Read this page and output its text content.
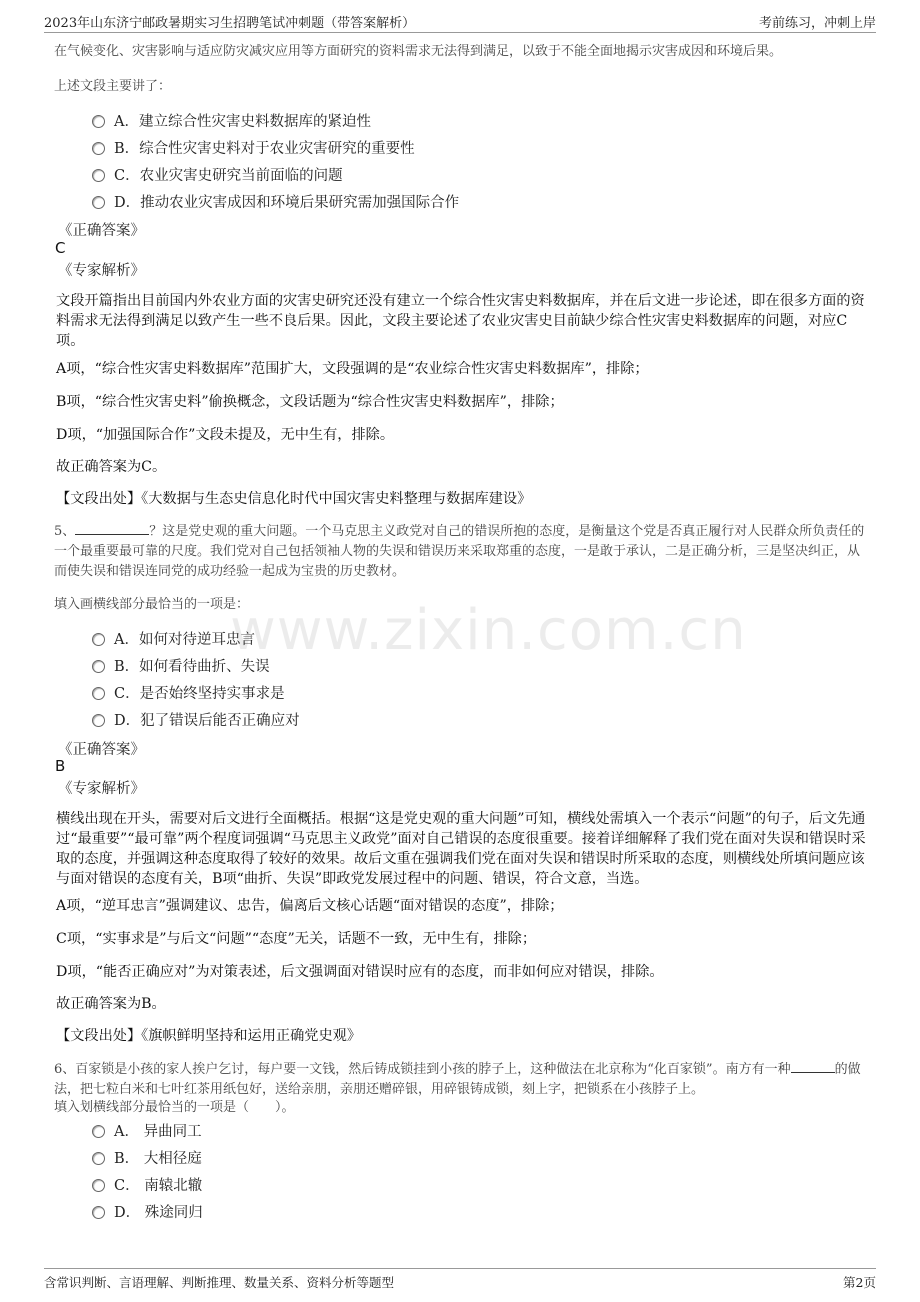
2023年山东济宁邮政暑期实习生招聘笔试冲刺题（带答案解析）	考前练习，冲刺上岸
www.zixin.com.cn
在气候变化、灾害影响与适应防灾减灾应用等方面研究的资料需求无法得到满足，以致于不能全面地揭示灾害成因和环境后果。
上述文段主要讲了：
A．建立综合性灾害史料数据库的紧迫性
B．综合性灾害史料对于农业灾害研究的重要性
C．农业灾害史研究当前面临的问题
D．推动农业灾害成因和环境后果研究需加强国际合作
《正确答案》
C
《专家解析》
文段开篇指出目前国内外农业方面的灾害史研究还没有建立一个综合性灾害史料数据库，并在后文进一步论述，即在很多方面的资料需求无法得到满足以致产生一些不良后果。因此，文段主要论述了农业灾害史目前缺少综合性灾害史料数据库的问题，对应C项。
A项，“综合性灾害史料数据库”范围扩大，文段强调的是“农业综合性灾害史料数据库”，排除；
B项，“综合性灾害史料”偷换概念，文段话题为“综合性灾害史料数据库”，排除；
D项，“加强国际合作”文段未提及，无中生有，排除。
故正确答案为C。
【文段出处】《大数据与生态史信息化时代中国灾害史料整理与数据库建设》
5、	？这是党史观的重大问题。一个马克思主义政党对自己的错误所抱的态度，是衡量这个党是否真正履行对人民群众所负责任的一个最重要最可靠的尺度。我们党对自己包括领袖人物的失误和错误历来采取郑重的态度，一是敢于承认，二是正确分析，三是坚决纠正，从而使失误和错误连同党的成功经验一起成为宝贵的历史教材。
填入画横线部分最恰当的一项是：
A．如何对待逆耳忠言
B．如何看待曲折、失误
C．是否始终坚持实事求是
D．犯了错误后能否正确应对
《正确答案》
B
《专家解析》
横线出现在开头，需要对后文进行全面概括。根据“这是党史观的重大问题”可知，横线处需填入一个表示“问题”的句子，后文先通过“最重要”“最可靠”两个程度词强调“马克思主义政党”面对自己错误的态度很重要。接着详细解释了我们党在面对失误和错误时采取的态度，并强调这种态度取得了较好的效果。故后文重在强调我们党在面对失误和错误时所采取的态度，则横线处所填问题应该与面对错误的态度有关，B项“曲折、失误”即政党发展过程中的问题、错误，符合文意，当选。
A项，“逆耳忠言”强调建议、忠告，偏离后文核心话题“面对错误的态度”，排除；
C项，“实事求是”与后文“问题”“态度”无关，话题不一致，无中生有，排除；
D项，“能否正确应对”为对策表述，后文强调面对错误时应有的态度，而非如何应对错误，排除。
故正确答案为B。
【文段出处】《旗帜鲜明坚持和运用正确党史观》
6、百家锁是小孩的家人挨户乞讨，每户要一文钱，然后铸成锁挂到小孩的脖子上，这种做法在北京称为“化百家锁”。南方有一种	的做法，把七粒白米和七叶红茶用纸包好，送给亲朋，亲朋还赠碎银，用碎银铸成锁，刻上字，把锁系在小孩脖子上。
填入划横线部分最恰当的一项是（　　）。
A． 异曲同工
B． 大相径庭
C． 南辕北辙
D． 殊途同归
含常识判断、言语理解、判断推理、数量关系、资料分析等题型	第2页
